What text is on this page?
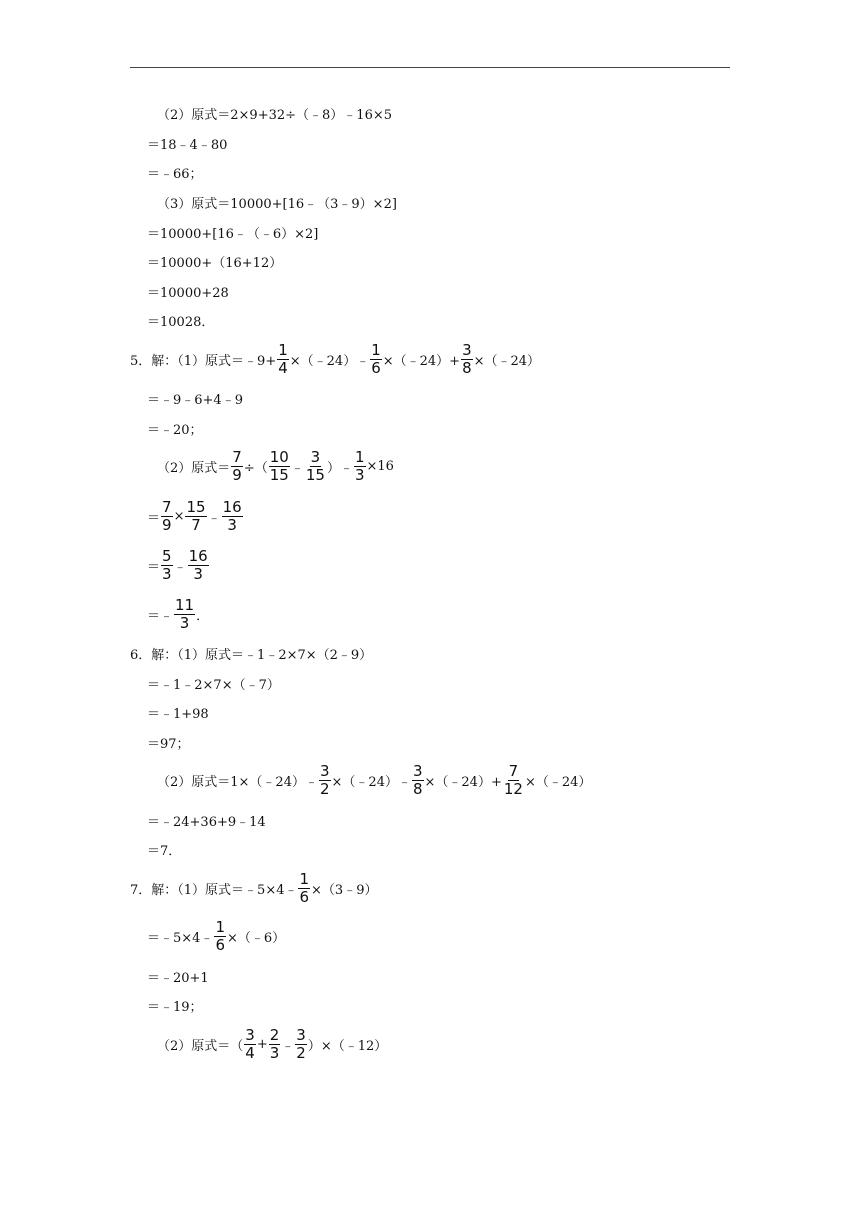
（2）原式＝2×9+32÷（﹣8）﹣16×5
＝18﹣4﹣80
＝﹣66；
（3）原式＝10000+[16﹣（3﹣9）×2]
＝10000+[16﹣（﹣6）×2]
＝10000+（16+12）
＝10000+28
＝10028．
5．解：（1）原式＝﹣9+ $\frac{1}{4}$ ×（﹣24）﹣ $\frac{1}{6}$ ×（﹣24）+ $\frac{3}{8}$ ×（﹣24）
＝﹣9﹣6+4﹣9
＝﹣20；
（2）原式＝ $\frac{7}{9}$ ÷（ $\frac{10}{15}$ ﹣ $\frac{3}{15}$ ）﹣ $\frac{1}{3} \times 16$
＝ $\frac{7}{9} \times \frac{15}{7}$ ﹣ $\frac{16}{3}$
＝ $\frac{5}{3}$ ﹣ $\frac{16}{3}$
＝﹣ $\frac{11}{3}$ ．
6．解：（1）原式＝﹣1﹣2×7×（2﹣9）
＝﹣1﹣2×7×（﹣7）
＝﹣1+98
＝97；
（2）原式＝1×（﹣24）﹣ $\frac{3}{2}$ ×（﹣24）﹣ $\frac{3}{8}$ ×（﹣24）+ $\frac{7}{12}$ ×（﹣24）
＝﹣24+36+9﹣14
＝7．
7．解：（1）原式＝﹣5×4﹣ $\frac{1}{6}$ ×（3﹣9）
＝﹣5×4﹣ $\frac{1}{6}$ ×（﹣6）
＝﹣20+1
＝﹣19；
（2）原式＝（ $\frac{3}{4} + \frac{2}{3}$ ﹣ $\frac{3}{2}$ ）×（﹣12）
